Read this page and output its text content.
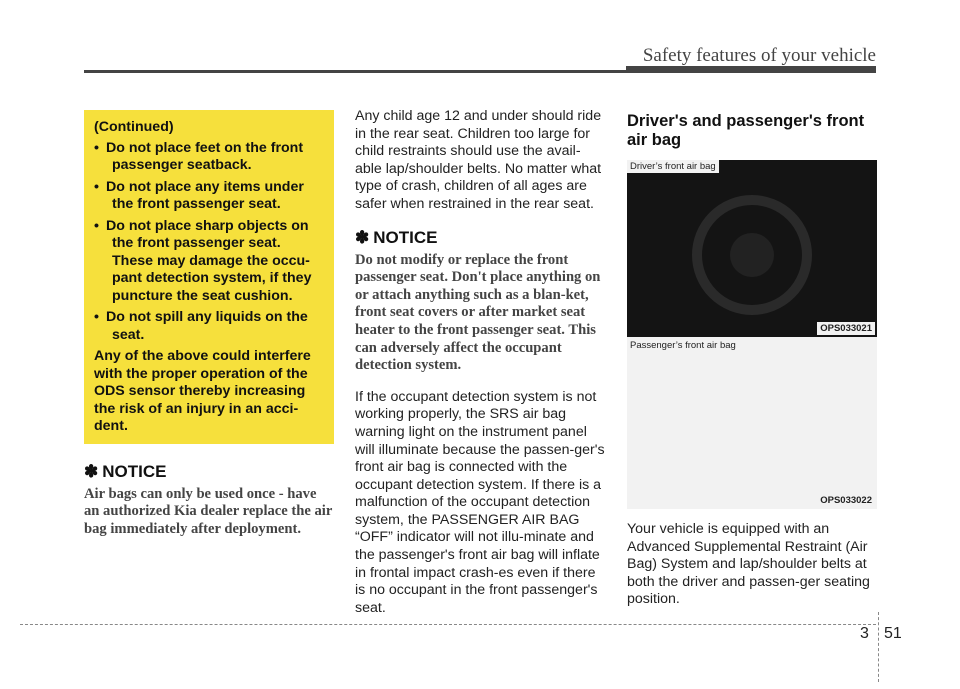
Safety features of your vehicle
(Continued)
• Do not place feet on the front
passenger seatback.
• Do not place any items under
the front passenger seat.
• Do not place sharp objects on
the front passenger seat.
These may damage the occu-
pant detection system, if they
puncture the seat cushion.
• Do not spill any liquids on the
seat.

Any of the above could interfere with the proper operation of the ODS sensor thereby increasing the risk of an injury in an acci-dent.

✽ NOTICE
Air bags can only be used once - have an authorized Kia dealer replace the air bag immediately after deployment.

Any child age 12 and under should ride in the rear seat. Children too large for child restraints should use the avail-able lap/shoulder belts. No matter what type of crash, children of all ages are safer when restrained in the rear seat.

✽ NOTICE
Do not modify or replace the front passenger seat. Don't place anything on or attach anything such as a blan-ket, front seat covers or after market seat heater to the front passenger seat. This can adversely affect the occupant detection system.

If the occupant detection system is not working properly, the SRS air bag warning light on the instrument panel will illuminate because the passen-ger's front air bag is connected with the occupant detection system. If there is a malfunction of the occupant detection system, the PASSENGER AIR BAG “OFF” indicator will not illu-minate and the passenger's front air bag will inflate in frontal impact crash-es even if there is no occupant in the front passenger's seat.

Driver's and passenger's front air bag
Driver’s front air bag
OPS033021
Passenger’s front air bag
OPS033022

Your vehicle is equipped with an Advanced Supplemental Restraint (Air Bag) System and lap/shoulder belts at both the driver and passen-ger seating position.

3 51
